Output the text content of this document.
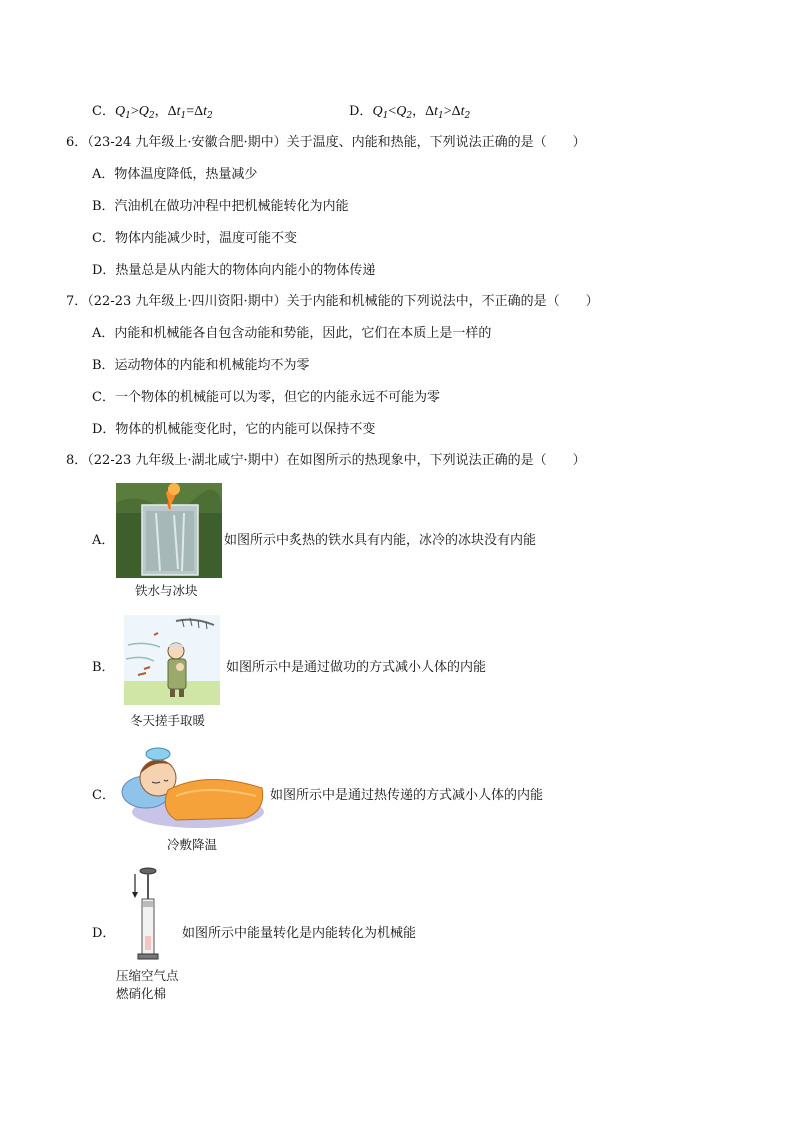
C．$Q_1>Q_2$，$\Delta t_1=\Delta t_2$	D．$Q_1<Q_2$，$\Delta t_1>\Delta t_2$
6．（23-24 九年级上·安徽合肥·期中）关于温度、内能和热能，下列说法正确的是（　　）
A．物体温度降低，热量减少
B．汽油机在做功冲程中把机械能转化为内能
C．物体内能减少时，温度可能不变
D．热量总是从内能大的物体向内能小的物体传递
7．（22-23 九年级上·四川资阳·期中）关于内能和机械能的下列说法中，不正确的是（　　）
A．内能和机械能各自包含动能和势能，因此，它们在本质上是一样的
B．运动物体的内能和机械能均不为零
C．一个物体的机械能可以为零，但它的内能永远不可能为零
D．物体的机械能变化时，它的内能可以保持不变
8．（22-23 九年级上·湖北咸宁·期中）在如图所示的热现象中，下列说法正确的是（　　）
A．	如图所示中炙热的铁水具有内能，冰冷的冰块没有内能
铁水与冰块
B．	如图所示中是通过做功的方式减小人体的内能
冬天搓手取暖
C．	如图所示中是通过热传递的方式减小人体的内能
冷敷降温
D．	如图所示中能量转化是内能转化为机械能
压缩空气点
燃硝化棉
